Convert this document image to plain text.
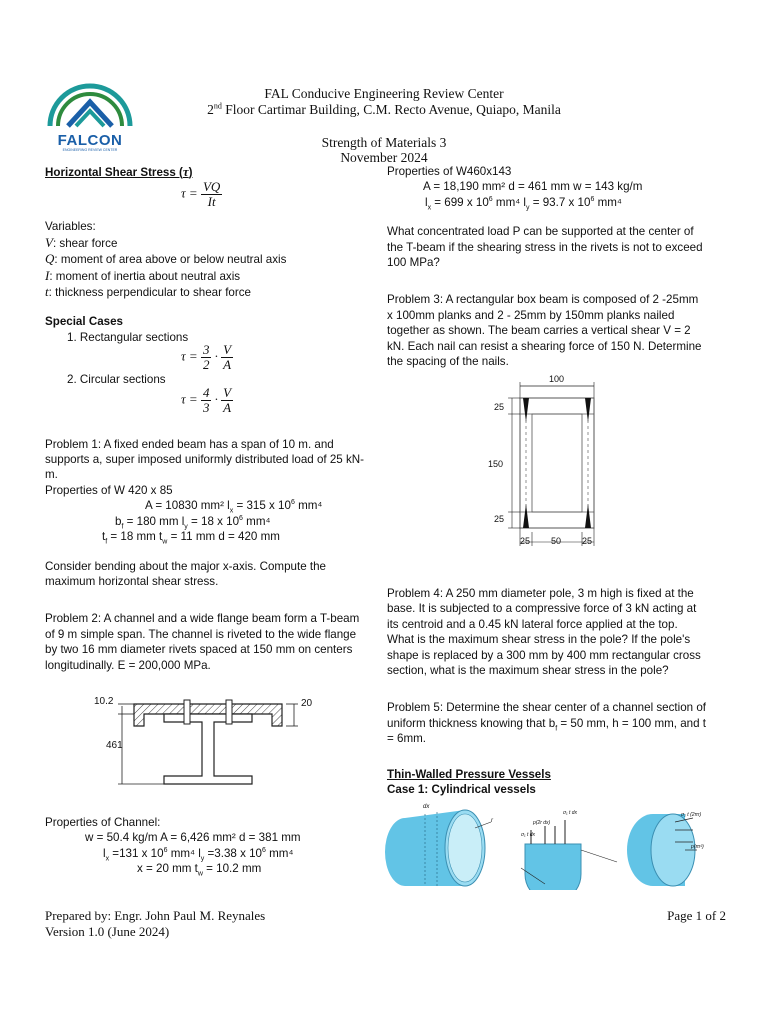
FALCON
ENGINEERING REVIEW CENTER
FAL Conducive Engineering Review Center
2nd Floor Cartimar Building, C.M. Recto Avenue, Quiapo, Manila
Strength of Materials 3
November 2024
Horizontal Shear Stress (τ)
$\tau = \frac{VQ}{It}$
Variables:
V: shear force
Q: moment of area above or below neutral axis
I: moment of inertia about neutral axis
t: thickness perpendicular to shear force
Special Cases
1. Rectangular sections
$\tau = \frac{3}{2} \cdot \frac{V}{A}$
2. Circular sections
$\tau = \frac{4}{3} \cdot \frac{V}{A}$

Problem 1: A fixed ended beam has a span of 10 m. and supports a, super imposed uniformly distributed load of 25 kN-m.

Properties of W 420 x 85
A = 10830 mm² $l_x = 315$ x $10^6$ mm⁴
$b_f = 180$ mm $l_y = 18$ x $10^6$ mm⁴
$t_f = 18$ mm $t_w = 11$ mm d = 420 mm

Consider bending about the major x-axis. Compute the maximum horizontal shear stress.

Problem 2: A channel and a wide flange beam form a T-beam of 9 m simple span. The channel is riveted to the wide flange by two 16 mm diameter rivets spaced at 150 mm on centers longitudinally. E = 200,000 MPa.

10.2	20
461
Properties of Channel:
w = 50.4 kg/m A = 6,426 mm² d = 381 mm
$l_x =131$ x $10^6$ mm⁴ $l_y =3.38$ x $10^6$ mm⁴
x = 20 mm $t_w = 10.2$ mm
Properties of W460x143
A = 18,190 mm² d = 461 mm w = 143 kg/m
$l_x = 699$ x $10^6$ mm⁴ $l_y = 93.7$ x $10^6$ mm⁴

What concentrated load P can be supported at the center of the T-beam if the shearing stress in the rivets is not to exceed 100 MPa?

Problem 3: A rectangular box beam is composed of 2 -25mm x 100mm planks and 2 - 25mm by 150mm planks nailed together as shown. The beam carries a vertical shear V = 2 kN. Each nail can resist a shearing force of 150 N. Determine the spacing of the nails.

100
25
150
25
25 50 25

Problem 4: A 250 mm diameter pole, 3 m high is fixed at the base. It is subjected to a compressive force of 3 kN acting at its centroid and a 0.45 kN lateral force applied at the top. What is the maximum shear stress in the pole? If the pole's shape is replaced by a 300 mm by 400 mm rectangular cross section, what is the maximum shear stress in the pole?

Problem 5: Determine the shear center of a channel section of uniform thickness knowing that $b_f = 50$ mm, h = 100 mm, and t = 6mm.

Thin-Walled Pressure Vessels
Case 1: Cylindrical vessels
dx
r
σ₁ t dx
p(2r dx)
σ₁ t dx
σ₂ t (2πr)
p(πr²)
Prepared by: Engr. John Paul M. Reynales
Version 1.0 (June 2024)
Page 1 of 2
